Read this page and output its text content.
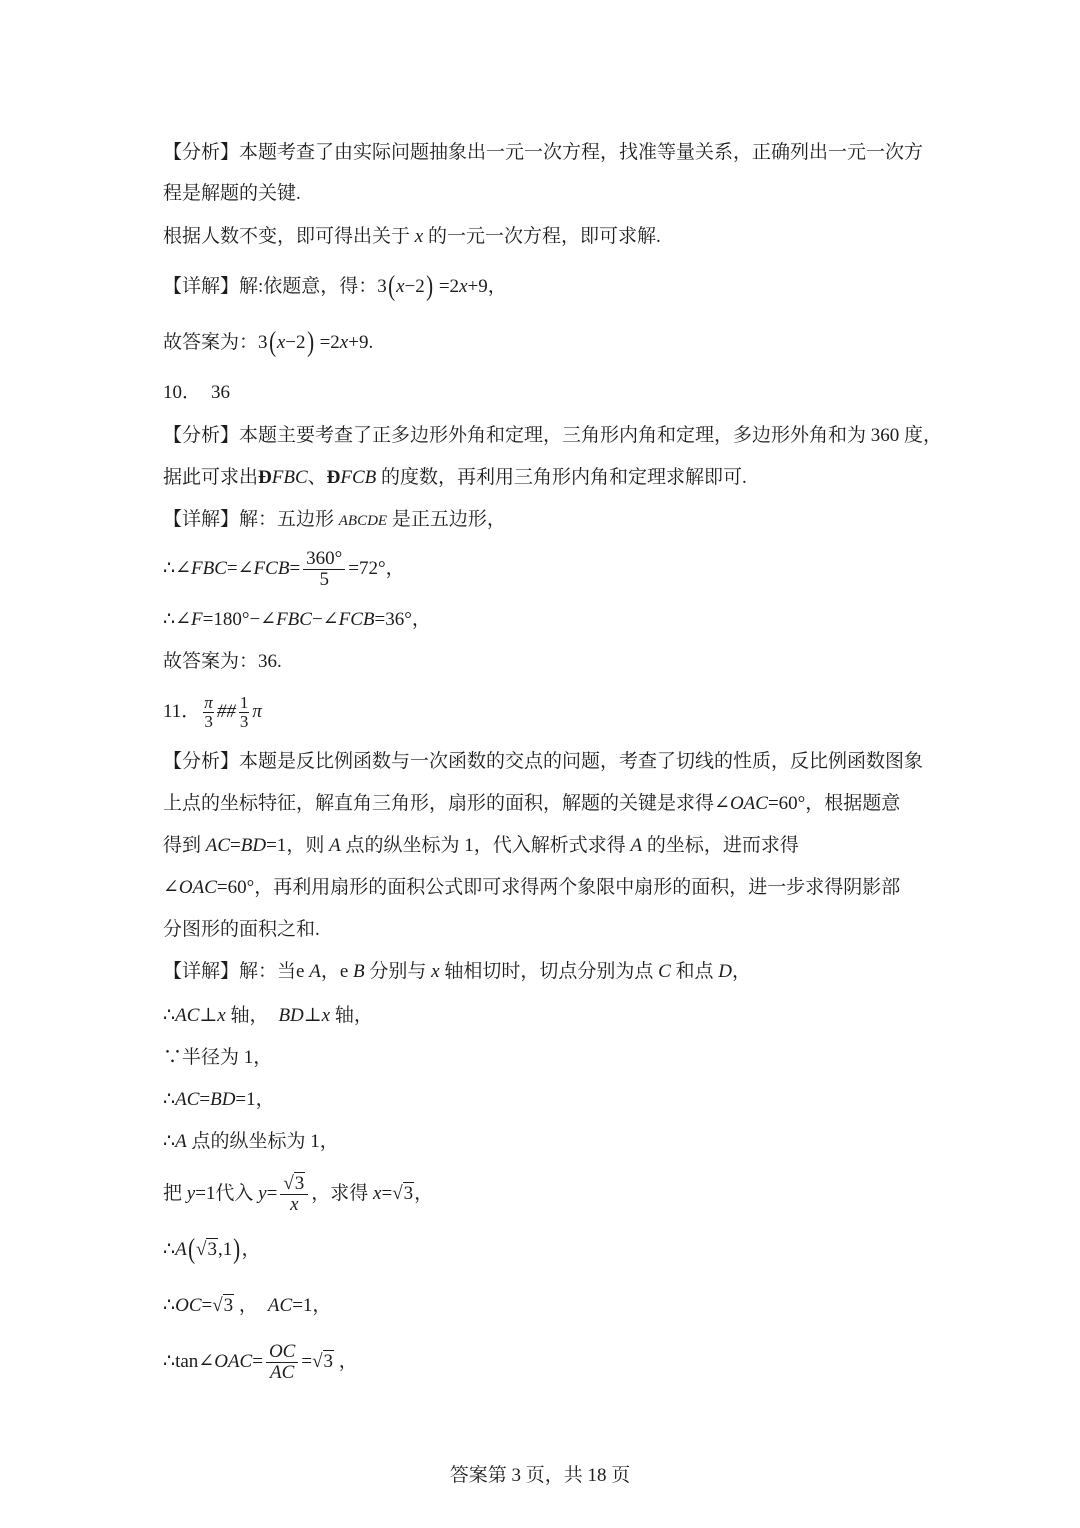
【分析】本题考查了由实际问题抽象出一元一次方程，找准等量关系，正确列出一元一次方
程是解题的关键.
根据人数不变，即可得出关于 x 的一元一次方程，即可求解.
【详解】解:依题意，得：3(x−2) =2x+9，
故答案为：3(x−2) =2x+9.
10． 36
【分析】本题主要考查了正多边形外角和定理，三角形内角和定理，多边形外角和为 360 度，
据此可求出ÐFBC、ÐFCB 的度数，再利用三角形内角和定理求解即可.
【详解】解：五边形 ABCDE 是正五边形，
∴∠FBC=∠FCB= $\frac{360^\circ}{5} =72^\circ$，
∴∠F=180°−∠FBC−∠FCB=36°，
故答案为：36.
11． $\frac{\pi}{3}$ ## $\frac{1}{3}$ π
【分析】本题是反比例函数与一次函数的交点的问题，考查了切线的性质，反比例函数图象
上点的坐标特征，解直角三角形，扇形的面积，解题的关键是求得∠OAC=60°，根据题意
得到 AC=BD=1，则 A 点的纵坐标为 1，代入解析式求得 A 的坐标，进而求得
∠OAC=60°，再利用扇形的面积公式即可求得两个象限中扇形的面积，进一步求得阴影部
分图形的面积之和.
【详解】解：当e A，e B 分别与 x 轴相切时，切点分别为点 C 和点 D，
∴AC⊥x 轴， BD⊥x 轴，
∵半径为 1，
∴AC=BD=1，
∴A 点的纵坐标为 1，
把 y=1代入 $y= \frac{√3}{x}$ ，求得 x=√3，
∴A(√3,1)，
∴OC=√3 ， AC=1，
∴tan∠OAC= $\frac{OC}{AC} =√3$ ，
答案第 3 页，共 18 页
